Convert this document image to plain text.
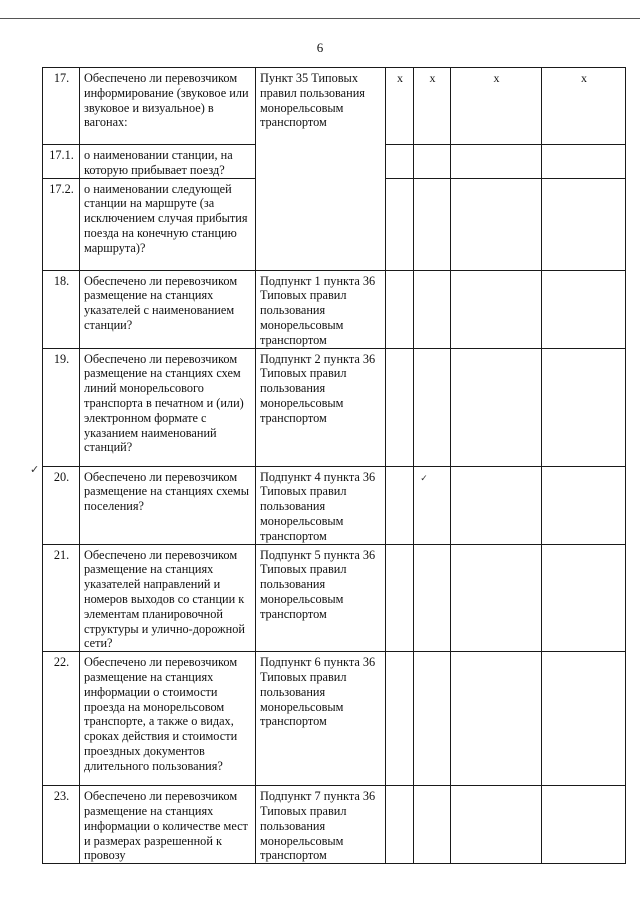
6
✓
17.	Обеспечено ли перевозчиком информирование (звуковое или звуковое и визуальное) в вагонах:	Пункт 35 Типовых правил пользования монорельсовым транспортом	x	x	x	x
17.1.	о наименовании станции, на которую прибывает поезд?					
17.2.	о наименовании следующей станции на маршруте (за исключением случая прибытия поезда на конечную станцию маршрута)?					
18.	Обеспечено ли перевозчиком размещение на станциях указателей с наименованием станции?	Подпункт 1 пункта 36 Типовых правил пользования монорельсовым транспортом				
19.	Обеспечено ли перевозчиком размещение на станциях схем линий монорельсового транспорта в печатном и (или) электронном формате с указанием наименований станций?	Подпункт 2 пункта 36 Типовых правил пользования монорельсовым транспортом				
20.	Обеспечено ли перевозчиком размещение на станциях схемы поселения?	Подпункт 4 пункта 36 Типовых правил пользования монорельсовым транспортом		✓		
21.	Обеспечено ли перевозчиком размещение на станциях указателей направлений и номеров выходов со станции к элементам планировочной структуры и улично-дорожной сети?	Подпункт 5 пункта 36 Типовых правил пользования монорельсовым транспортом				
22.	Обеспечено ли перевозчиком размещение на станциях информации о стоимости проезда на монорельсовом транспорте, а также о видах, сроках действия и стоимости проездных документов длительного пользования?	Подпункт 6 пункта 36 Типовых правил пользования монорельсовым транспортом				
23.	Обеспечено ли перевозчиком размещение на станциях информации о количестве мест и размерах разрешенной к провозу	Подпункт 7 пункта 36 Типовых правил пользования монорельсовым транспортом				
